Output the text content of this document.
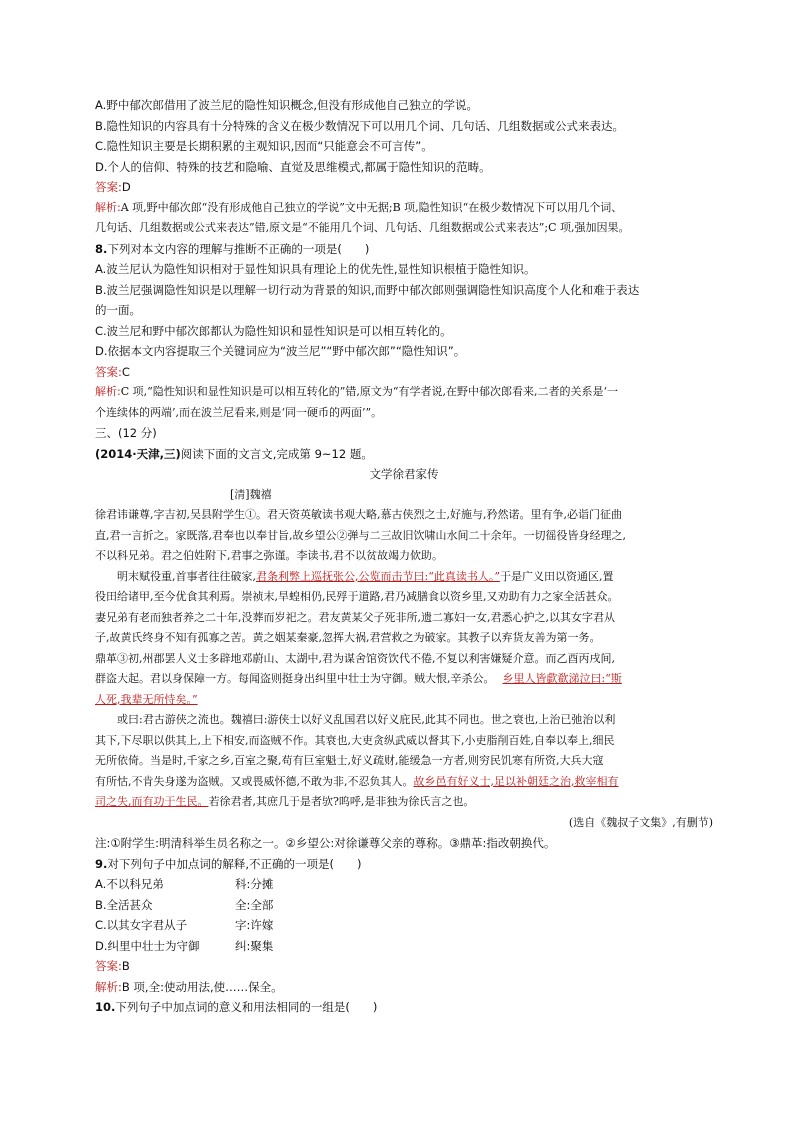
A.野中郁次郎借用了波兰尼的隐性知识概念,但没有形成他自己独立的学说。
B.隐性知识的内容具有十分特殊的含义在极少数情况下可以用几个词、几句话、几组数据或公式来表达。
C.隐性知识主要是长期积累的主观知识,因而“只能意会不可言传”。
D.个人的信仰、特殊的技艺和隐喻、直觉及思维模式,都属于隐性知识的范畴。
答案:D
解析:A 项,野中郁次郎“没有形成他自己独立的学说”文中无据;B 项,隐性知识“在极少数情况下可以用几个词、
几句话、几组数据或公式来表达”错,原文是“不能用几个词、几句话、几组数据或公式来表达”;C 项,强加因果。
8.下列对本文内容的理解与推断不正确的一项是(　　)
A.波兰尼认为隐性知识相对于显性知识具有理论上的优先性,显性知识根植于隐性知识。
B.波兰尼强调隐性知识是以理解一切行动为背景的知识,而野中郁次郎则强调隐性知识高度个人化和难于表达
的一面。
C.波兰尼和野中郁次郎都认为隐性知识和显性知识是可以相互转化的。
D.依据本文内容提取三个关键词应为“波兰尼”“野中郁次郎”“隐性知识”。
答案:C
解析:C 项,“隐性知识和显性知识是可以相互转化的”错,原文为“有学者说,在野中郁次郎看来,二者的关系是‘一
个连续体的两端’,而在波兰尼看来,则是‘同一硬币的两面’”。
三、(12 分)
(2014·天津,三)阅读下面的文言文,完成第 9~12 题。
文学徐君家传
[清]魏禧
徐君讳谦尊,字吉初,吴县附学生①。君天资英敏读书观大略,慕古侠烈之士,好施与,矜然诺。里有争,必诣门征曲
直,君一言折之。家既落,君奉也以奉甘旨,故乡望公②弹与二三故旧饮啸山水间二十余年。一切徭役皆身经理之,
不以科兄弟。君之伯姓附下,君事之弥谨。李读书,君不以贫故竭力佽助。
明末赋役重,首事者往往破家,君条利弊上巡抚张公,公览而击节曰:“此真读书人。”于是广义田以资通区,置
役田给诸甲,至今优食其利焉。崇祯末,旱蝗相仍,民殍于道路,君乃减膳食以资乡里,又劝助有力之家全活甚众。
妻兄弟有老而独者养之二十年,没葬而岁祀之。君友黄某父子死非所,遗二寡妇一女,君悉心护之,以其女字君从
子,故黄氏终身不知有孤寡之苦。黄之姻某秦豪,忽挥大祸,君营救之为破家。其教子以弃货友善为第一务。
鼎革③初,州郡罢人义士多辟地邓蔚山、太湖中,君为谋舍馆资饮代不倦,不复以利害嫌疑介意。而乙酉丙戌间,
群盗大起。君以身保障一方。每闻盗则挺身出纠里中壮士为守御。贼大恨,辛杀公。 乡里人皆歔欷涕泣曰:“斯
人死,我辈无所恃矣。”
或曰:君古游侠之流也。魏禧曰:游侠士以好义乱国君以好义庇民,此其不同也。世之衰也,上治已弛治以利
其下,下尽职以供其上,上下相安,而盗贼不作。其衰也,大吏贪纵武威以督其下,小吏脂削百姓,自奉以奉上,细民
无所依倚。当是时,千家之乡,百室之聚,苟有巨室魁士,好义疏财,能缓急一方者,则穷民饥寒有所资,大兵大寇
有所怙,不肯失身遂为盗贼。又或畏威怀德,不敢为非,不忍负其人。故乡邑有好义士,足以补朝廷之治,救宰相有
司之失,而有功于生民。若徐君者,其庶几于是者欤?呜呼,是非独为徐氏言之也。
(选自《魏叔子文集》,有删节)
注:①附学生:明清科举生员名称之一。②乡望公:对徐谦尊父亲的尊称。③鼎革:指改朝换代。
9.对下列句子中加点词的解释,不正确的一项是(　　)
A.不以科兄弟	科:分摊
B.全活甚众	全:全部
C.以其女字君从子	字:许嫁
D.纠里中壮士为守御	纠:聚集
答案:B
解析:B 项,全:使动用法,使……保全。
10.下列句子中加点词的意义和用法相同的一组是(　　)
